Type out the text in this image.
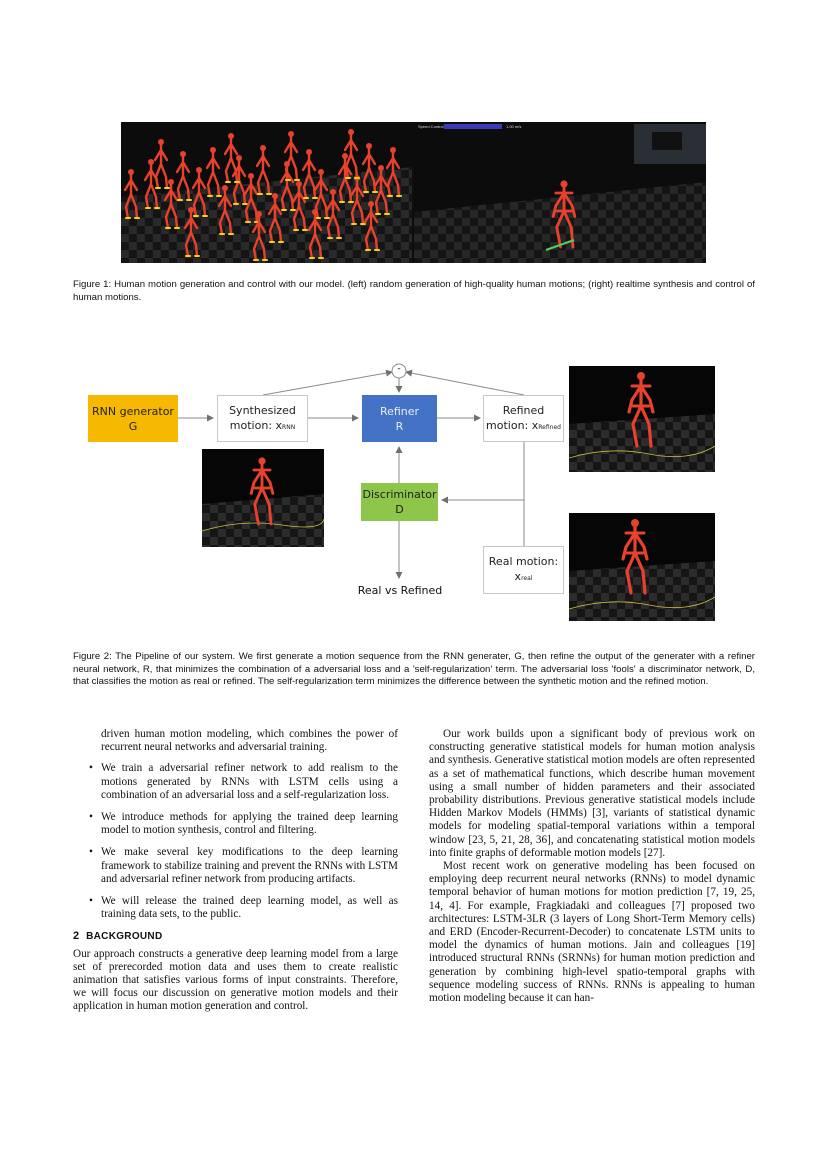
Speed Control	1.00 m/s
Figure 1: Human motion generation and control with our model. (left) random generation of high-quality human motions; (right) realtime synthesis and control of human motions.
-
RNN generator
G
Synthesized
motion: xRNN
Refiner
R
Refined
motion: xRefined
Discriminator
D
Real motion:
xreal
Real vs Refined
Figure 2: The Pipeline of our system. We first generate a motion sequence from the RNN generater, G, then refine the output of the generater with a refiner neural network, R, that minimizes the combination of a adversarial loss and a 'self-regularization' term. The adversarial loss 'fools' a discriminator network, D, that classifies the motion as real or refined. The self-regularization term minimizes the difference between the synthetic motion and the refined motion.

driven human motion modeling, which combines the power of recurrent neural networks and adversarial training.

• We train a adversarial refiner network to add realism to the motions generated by RNNs with LSTM cells using a combination of an adversarial loss and a self-regularization loss.
• We introduce methods for applying the trained deep learning model to motion synthesis, control and filtering.
• We make several key modifications to the deep learning framework to stabilize training and prevent the RNNs with LSTM and adversarial refiner network from producing artifacts.
• We will release the trained deep learning model, as well as training data sets, to the public.
2 BACKGROUND

Our approach constructs a generative deep learning model from a large set of prerecorded motion data and uses them to create realistic animation that satisfies various forms of input constraints. Therefore, we will focus our discussion on generative motion models and their application in human motion generation and control.

Our work builds upon a significant body of previous work on constructing generative statistical models for human motion analysis and synthesis. Generative statistical motion models are often represented as a set of mathematical functions, which describe human movement using a small number of hidden parameters and their associated probability distributions. Previous generative statistical models include Hidden Markov Models (HMMs) [3], variants of statistical dynamic models for modeling spatial-temporal variations within a temporal window [23, 5, 21, 28, 36], and concatenating statistical motion models into finite graphs of deformable motion models [27].

Most recent work on generative modeling has been focused on employing deep recurrent neural networks (RNNs) to model dynamic temporal behavior of human motions for motion prediction [7, 19, 25, 14, 4]. For example, Fragkiadaki and colleagues [7] proposed two architectures: LSTM-3LR (3 layers of Long Short-Term Memory cells) and ERD (Encoder-Recurrent-Decoder) to concatenate LSTM units to model the dynamics of human motions. Jain and colleagues [19] introduced structural RNNs (SRNNs) for human motion prediction and generation by combining high-level spatio-temporal graphs with sequence modeling success of RNNs. RNNs is appealing to human motion modeling because it can han-
